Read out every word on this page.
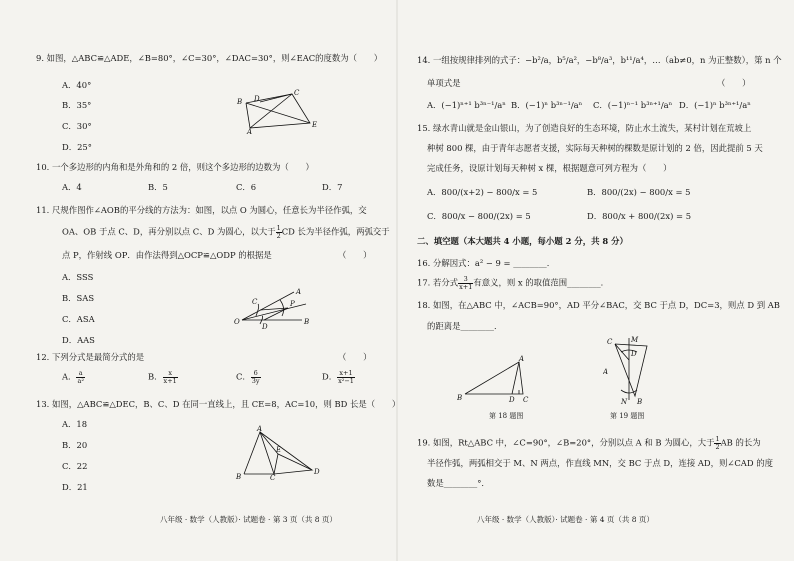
9. 如图，△ABC≌△ADE，∠B=80°，∠C=30°，∠DAC=30°，则∠EAC的度数为（　　）
A．40°
B．35°
C．30°
D．25°
B D
C
A
E
10. 一个多边形的内角和是外角和的 2 倍，则这个多边形的边数为（　　）
A．4	B．5	C．6	D．7
11. 尺规作图作∠AOB的平分线的方法为：如图，以点 O 为圆心，任意长为半径作弧，交
OA、OB 于点 C、D，再分别以点 C、D 为圆心，以大于 $\frac{1}{2}$ CD 长为半径作弧，两弧交于
点 P，作射线 OP．由作法得到△OCP≌△ODP 的根据是	（　　）
A．SSS
B．SAS
C．ASA
D．AAS
A
C	P
O
D
B
12. 下列分式是最简分式的是	（　　）
A． $\frac{a}{\text{a²}}$	B． $\frac{x}{x+1}$	C． $\frac{6}{3y}$	D． $\frac{x+1}{\text{x²−1}}$
13. 如图，△ABC≌△DEC，B、C、D 在同一直线上，且 CE=8，AC=10，则 BD 长是（　　）
A．18
B．20
C．22
D．21
A
E
B	C
D
八年级 · 数学（人教版）· 试题卷 · 第 3 页（共 8 页）
14. 一组按规律排列的式子：−b²/a，b⁵/a²，−b⁸/a³，b¹¹/a⁴，…（ab≠0，n 为正整数），第 n 个
单项式是	（　　）
A．(−1)ⁿ⁺¹ b³ⁿ⁻¹/aⁿ B．(−1)ⁿ b³ⁿ⁻¹/aⁿ C．(−1)ⁿ⁻¹ b³ⁿ⁺¹/aⁿ D．(−1)ⁿ b³ⁿ⁺¹/aⁿ
15. 绿水青山就是金山银山，为了创造良好的生态环境，防止水土流失，某村计划在荒坡上
种树 800 棵，由于青年志愿者支援，实际每天种树的棵数是原计划的 2 倍，因此提前 5 天
完成任务，设原计划每天种树 x 棵，根据题意可列方程为（　　）
A．800/(x+2) − 800/x = 5	B．800/(2x) − 800/x = 5
C．800/x − 800/(2x) = 5	D．800/x + 800/(2x) = 5
二、填空题（本大题共 4 小题，每小题 2 分，共 8 分）
16. 分解因式：a² − 9 = ________．
17. 若分式 $\frac{3}{x+1}$ 有意义，则 x 的取值范围________．
18. 如图，在△ABC 中，∠ACB=90°，AD 平分∠BAC，交 BC 于点 D，DC=3，则点 D 到 AB
的距离是________．
A
B	D C
第 18 题图
C	M
D
A
N B
第 19 题图
19. 如图，Rt△ABC 中，∠C=90°，∠B=20°，分别以点 A 和 B 为圆心，大于 $\frac{1}{2}$ AB 的长为
半径作弧，两弧相交于 M、N 两点，作直线 MN，交 BC 于点 D，连接 AD，则∠CAD 的度
数是________°．
八年级 · 数学（人教版）· 试题卷 · 第 4 页（共 8 页）
